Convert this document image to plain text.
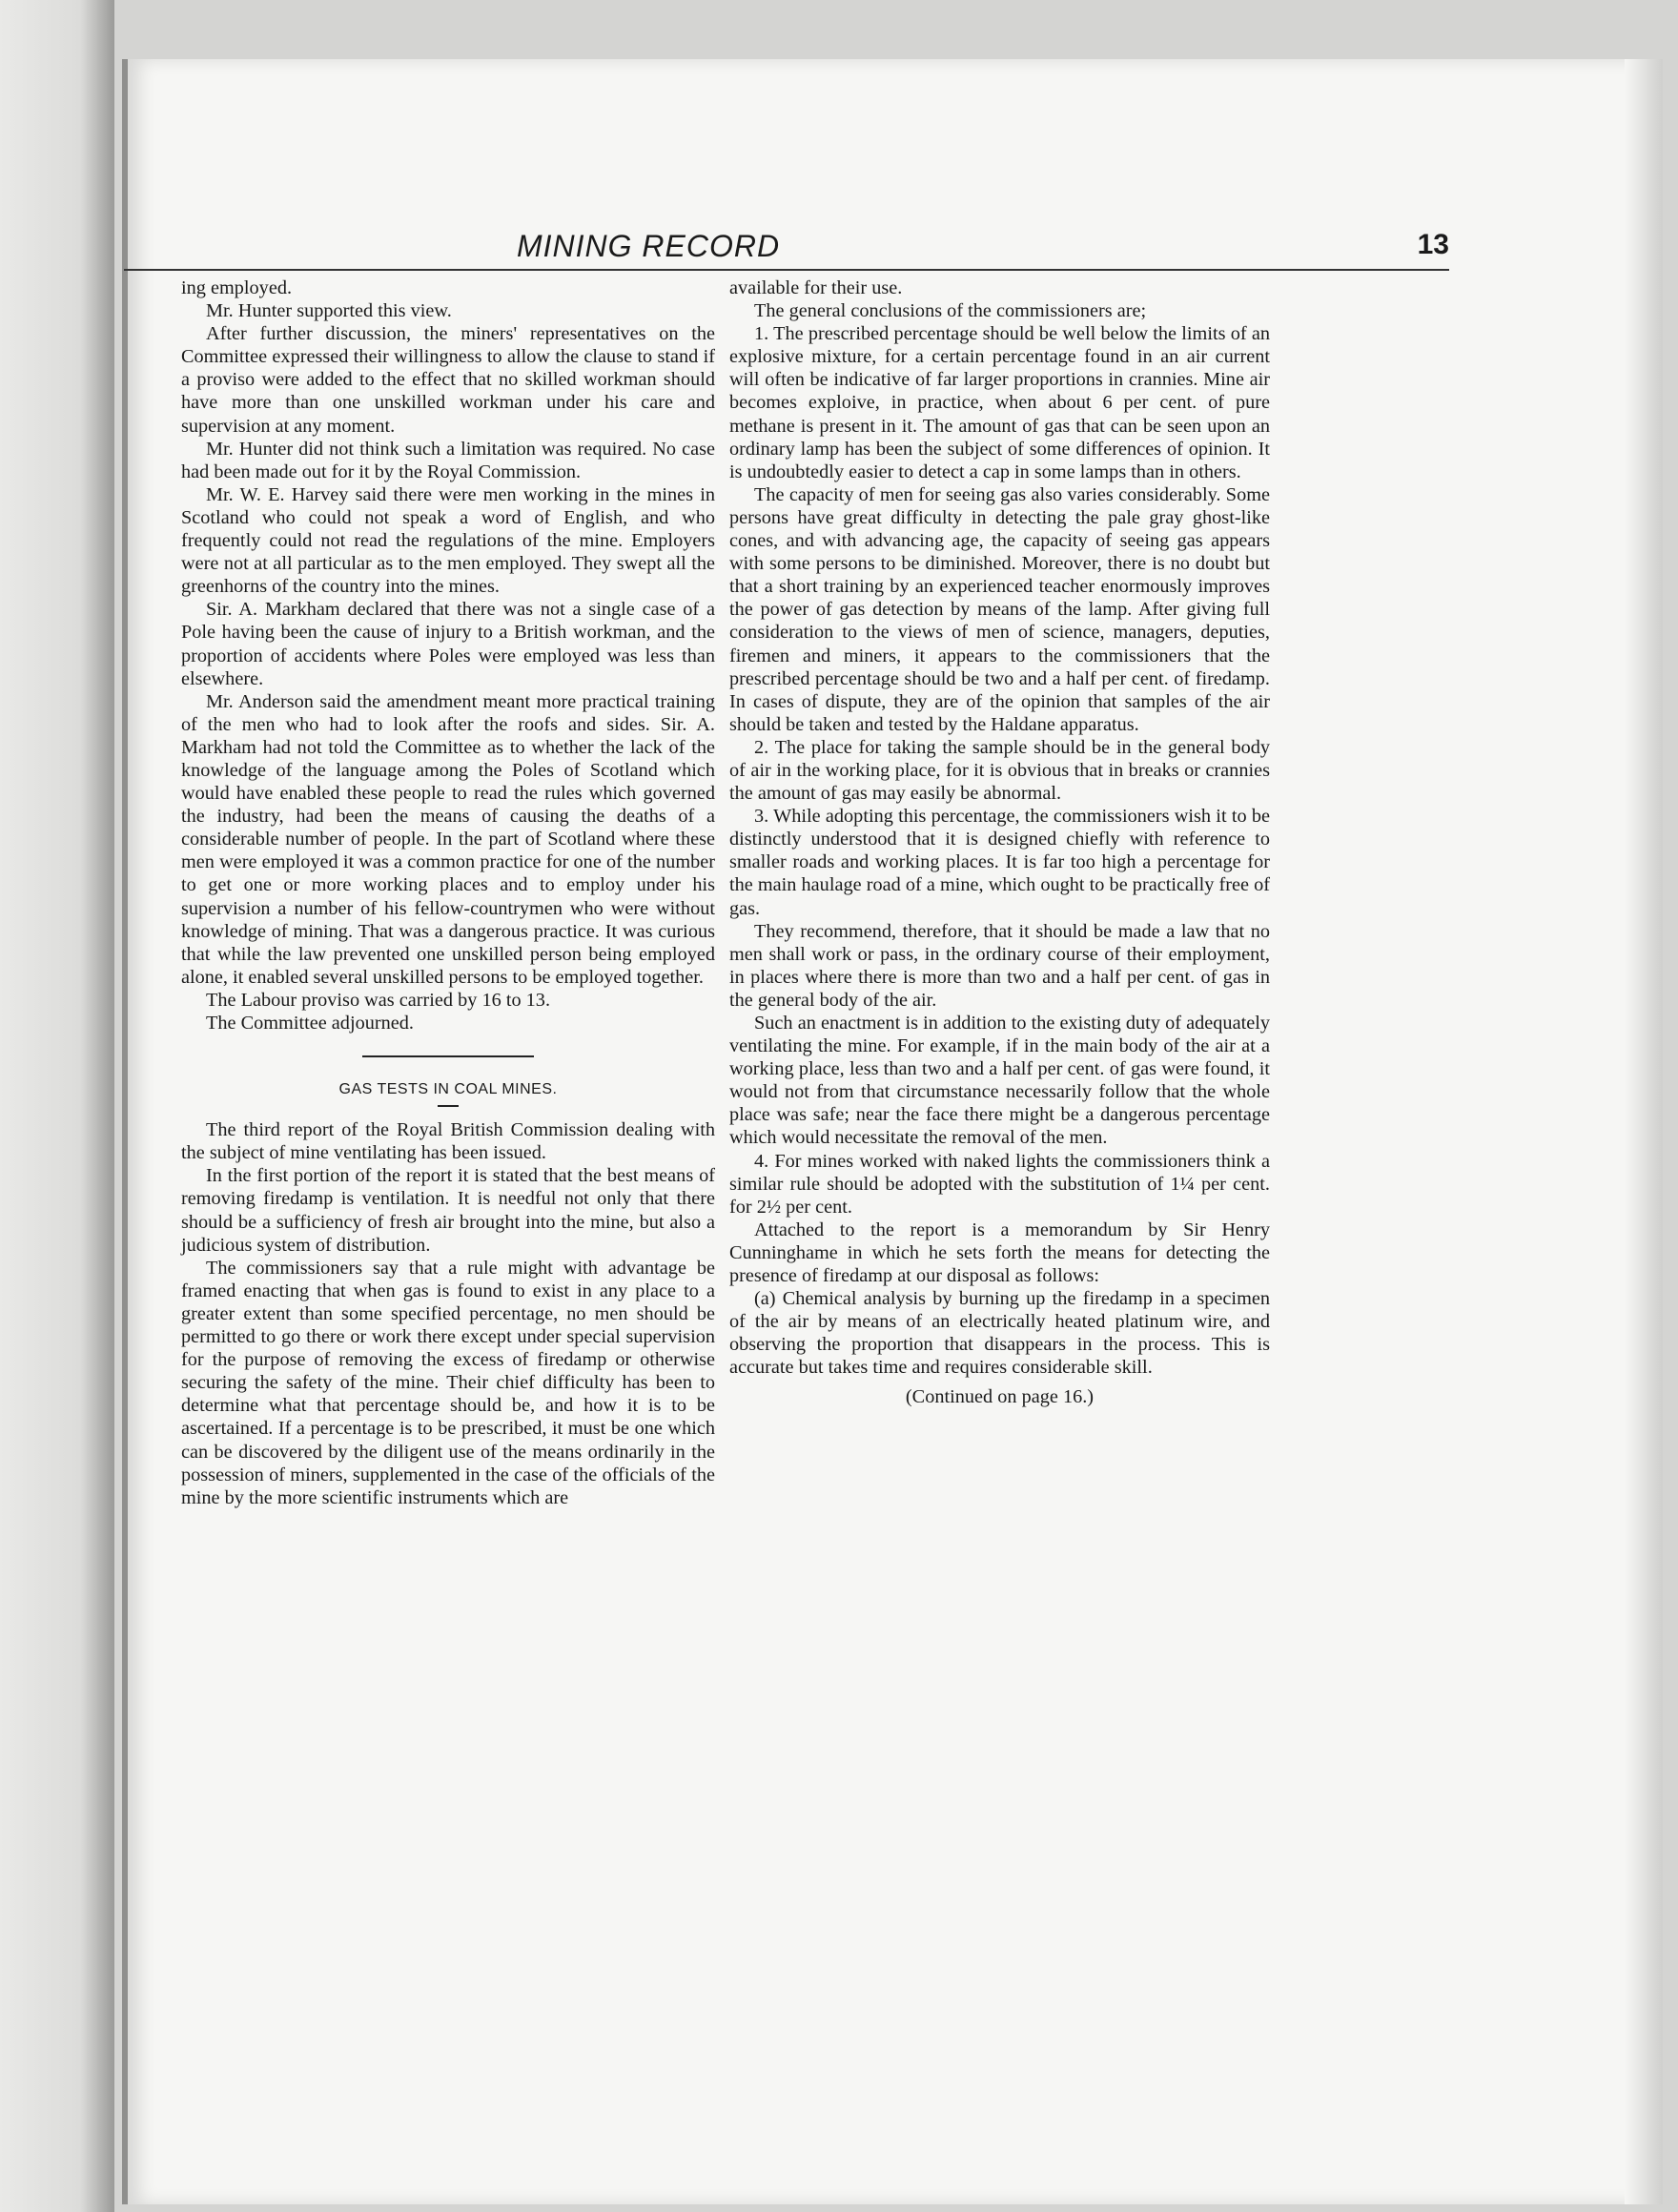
MINING RECORD	13

ing employed.

Mr. Hunter supported this view.

After further discussion, the miners' representatives on the Committee expressed their willingness to allow the clause to stand if a proviso were added to the effect that no skilled workman should have more than one unskilled workman under his care and supervision at any moment.

Mr. Hunter did not think such a limitation was required. No case had been made out for it by the Royal Commission.

Mr. W. E. Harvey said there were men working in the mines in Scotland who could not speak a word of English, and who frequently could not read the regulations of the mine. Employers were not at all particular as to the men employed. They swept all the greenhorns of the country into the mines.

Sir. A. Markham declared that there was not a single case of a Pole having been the cause of injury to a British workman, and the proportion of accidents where Poles were employed was less than elsewhere.

Mr. Anderson said the amendment meant more practical training of the men who had to look after the roofs and sides. Sir. A. Markham had not told the Committee as to whether the lack of the knowledge of the language among the Poles of Scotland which would have enabled these people to read the rules which governed the industry, had been the means of causing the deaths of a considerable number of people. In the part of Scotland where these men were employed it was a common practice for one of the number to get one or more working places and to employ under his supervision a number of his fellow-countrymen who were without knowledge of mining. That was a dangerous practice. It was curious that while the law prevented one unskilled person being employed alone, it enabled several unskilled persons to be employed together.

The Labour proviso was carried by 16 to 13.

The Committee adjourned.

GAS TESTS IN COAL MINES.

The third report of the Royal British Commission dealing with the subject of mine ventilating has been issued.

In the first portion of the report it is stated that the best means of removing firedamp is ventilation. It is needful not only that there should be a sufficiency of fresh air brought into the mine, but also a judicious system of distribution.

The commissioners say that a rule might with advantage be framed enacting that when gas is found to exist in any place to a greater extent than some specified percentage, no men should be permitted to go there or work there except under special supervision for the purpose of removing the excess of firedamp or otherwise securing the safety of the mine. Their chief difficulty has been to determine what that percentage should be, and how it is to be ascertained. If a percentage is to be prescribed, it must be one which can be discovered by the diligent use of the means ordinarily in the possession of miners, supplemented in the case of the officials of the mine by the more scientific instruments which are

available for their use.

The general conclusions of the commissioners are;

1. The prescribed percentage should be well below the limits of an explosive mixture, for a certain percentage found in an air current will often be indicative of far larger proportions in crannies. Mine air becomes exploive, in practice, when about 6 per cent. of pure methane is present in it. The amount of gas that can be seen upon an ordinary lamp has been the subject of some differences of opinion. It is undoubtedly easier to detect a cap in some lamps than in others.

The capacity of men for seeing gas also varies considerably. Some persons have great difficulty in detecting the pale gray ghost-like cones, and with advancing age, the capacity of seeing gas appears with some persons to be diminished. Moreover, there is no doubt but that a short training by an experienced teacher enormously improves the power of gas detection by means of the lamp. After giving full consideration to the views of men of science, managers, deputies, firemen and miners, it appears to the commissioners that the prescribed percentage should be two and a half per cent. of firedamp. In cases of dispute, they are of the opinion that samples of the air should be taken and tested by the Haldane apparatus.

2. The place for taking the sample should be in the general body of air in the working place, for it is obvious that in breaks or crannies the amount of gas may easily be abnormal.

3. While adopting this percentage, the commissioners wish it to be distinctly understood that it is designed chiefly with reference to smaller roads and working places. It is far too high a percentage for the main haulage road of a mine, which ought to be practically free of gas.

They recommend, therefore, that it should be made a law that no men shall work or pass, in the ordinary course of their employment, in places where there is more than two and a half per cent. of gas in the general body of the air.

Such an enactment is in addition to the existing duty of adequately ventilating the mine. For example, if in the main body of the air at a working place, less than two and a half per cent. of gas were found, it would not from that circumstance necessarily follow that the whole place was safe; near the face there might be a dangerous percentage which would necessitate the removal of the men.

4. For mines worked with naked lights the commissioners think a similar rule should be adopted with the substitution of 1¼ per cent. for 2½ per cent.

Attached to the report is a memorandum by Sir Henry Cunninghame in which he sets forth the means for detecting the presence of firedamp at our disposal as follows:

(a) Chemical analysis by burning up the firedamp in a specimen of the air by means of an electrically heated platinum wire, and observing the proportion that disappears in the process. This is accurate but takes time and requires considerable skill.

(Continued on page 16.)
